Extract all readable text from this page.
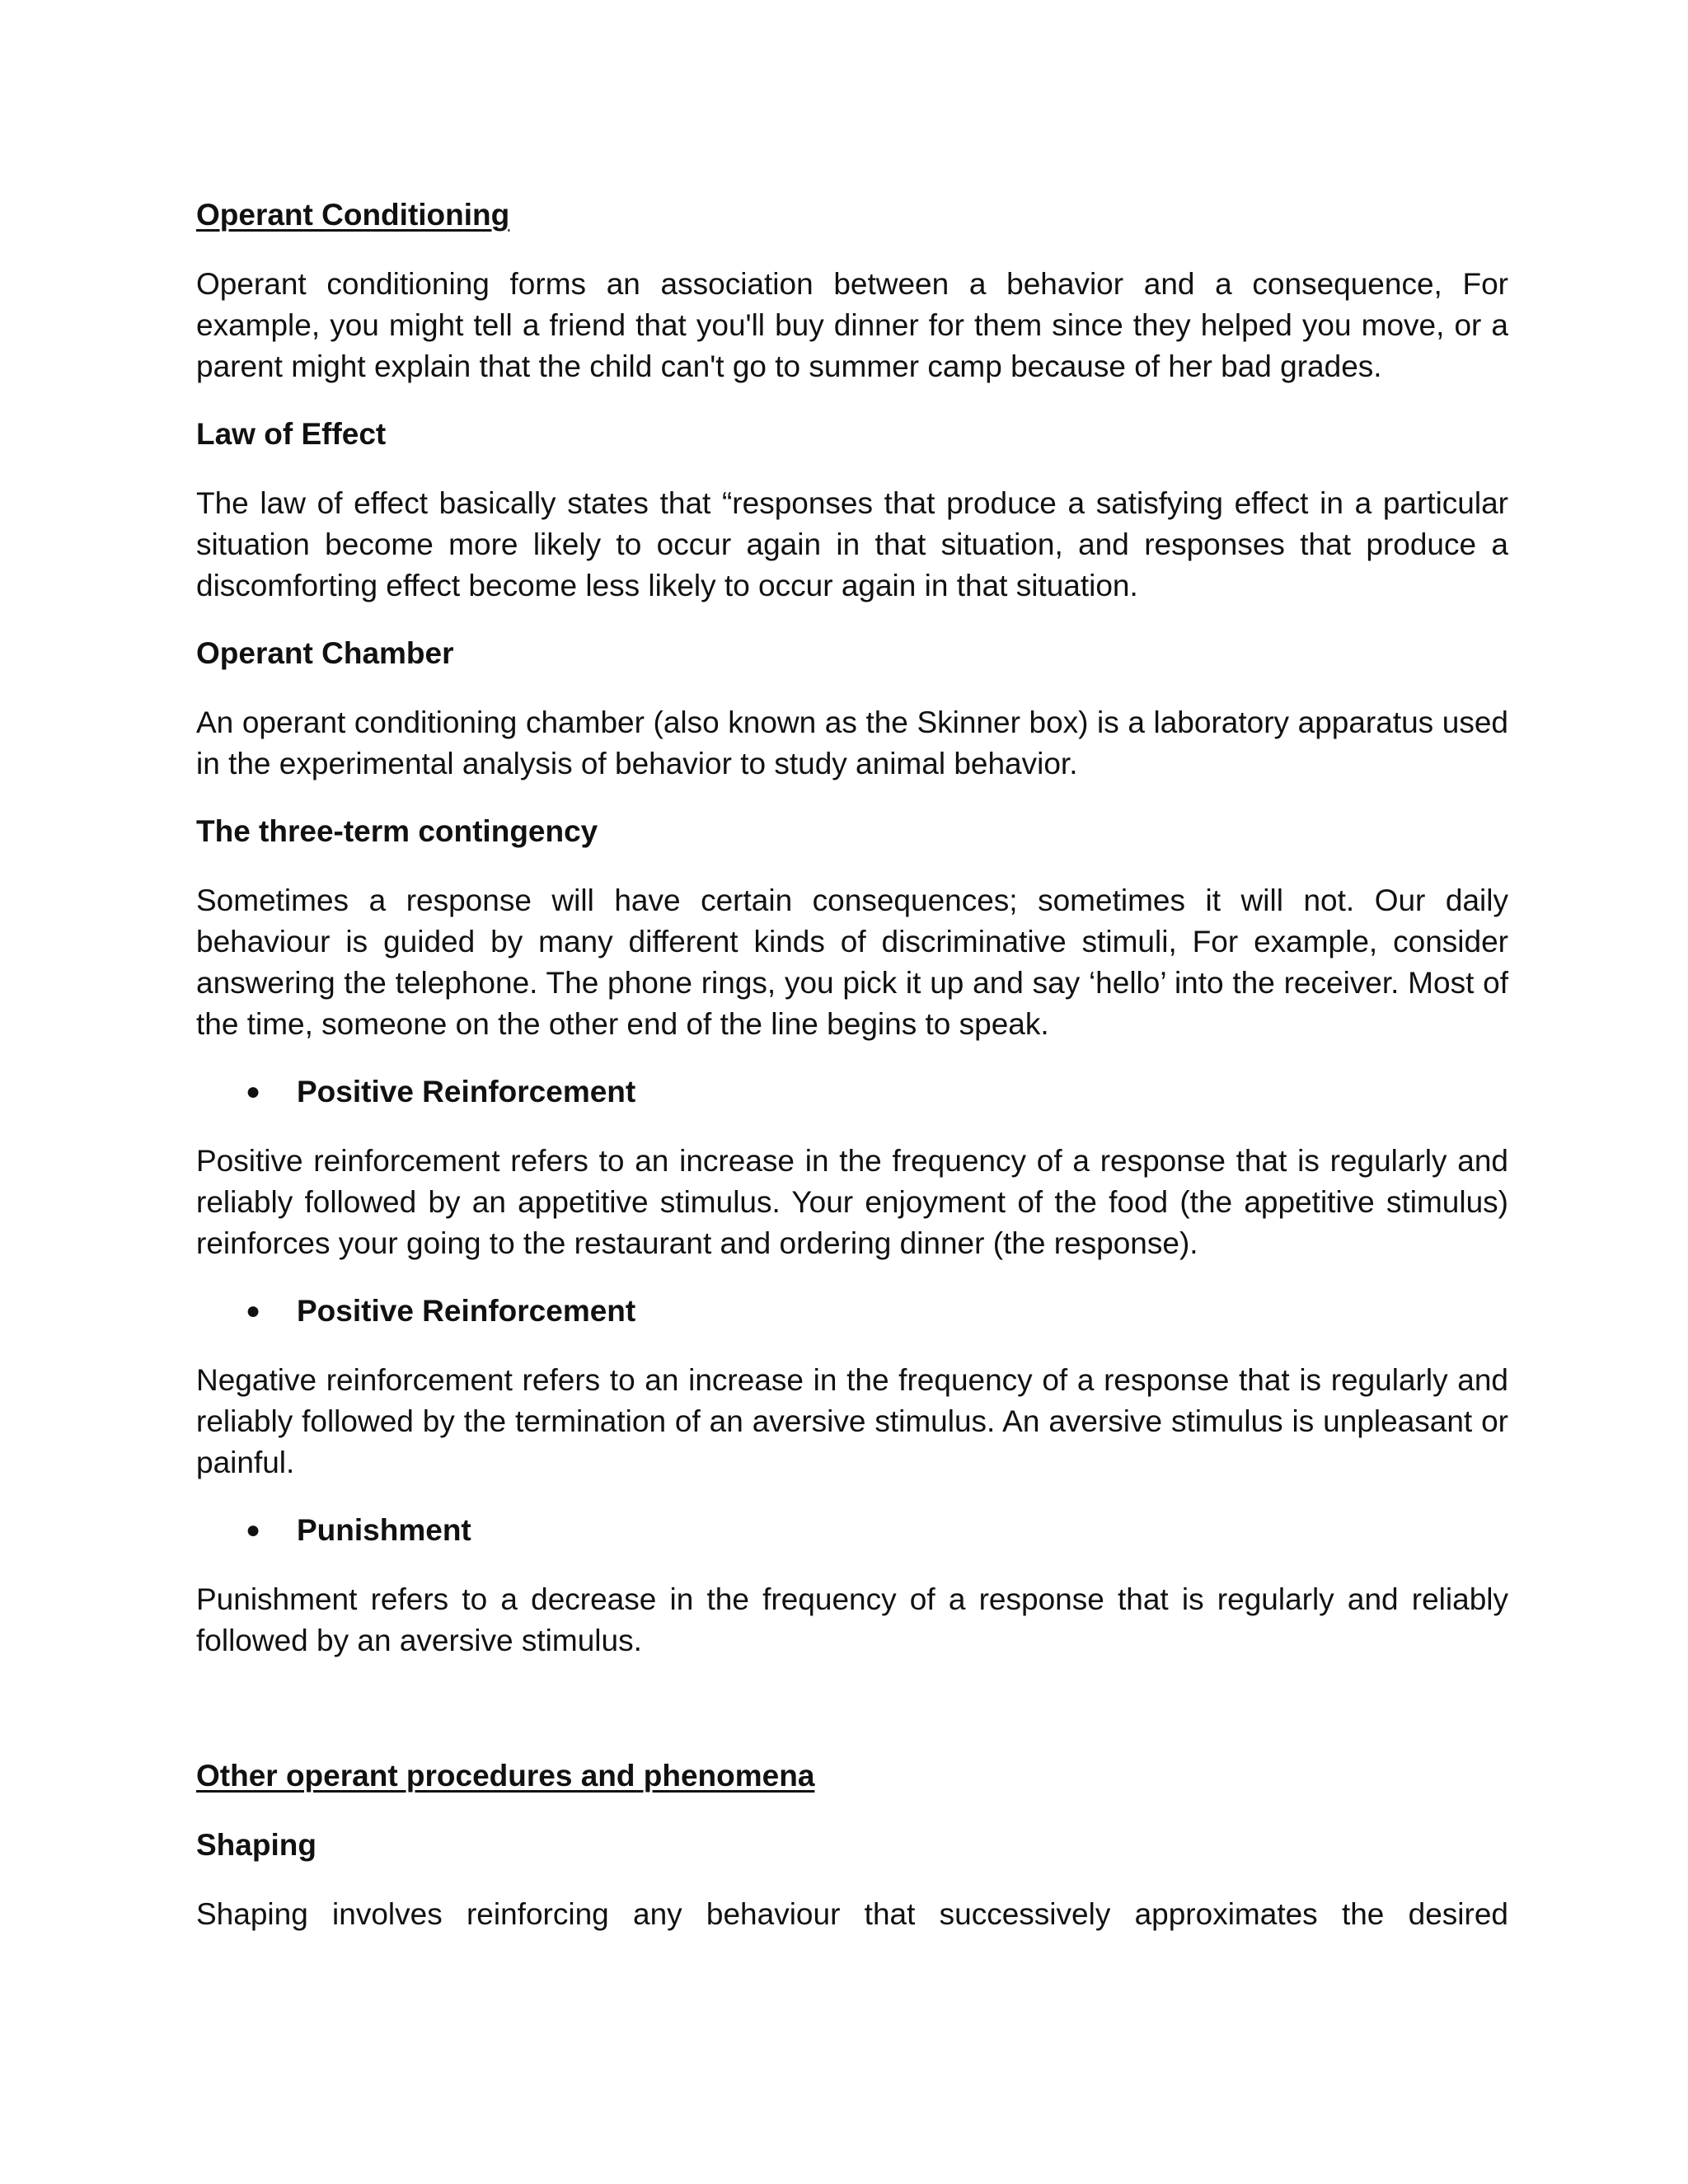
Operant Conditioning

Operant conditioning forms an association between a behavior and a consequence, For example, you might tell a friend that you'll buy dinner for them since they helped you move, or a parent might explain that the child can't go to summer camp because of her bad grades.

Law of Effect

The law of effect basically states that “responses that produce a satisfying effect in a particular situation become more likely to occur again in that situation, and responses that produce a discomforting effect become less likely to occur again in that situation.

Operant Chamber

An operant conditioning chamber (also known as the Skinner box) is a laboratory apparatus used in the experimental analysis of behavior to study animal behavior.

The three-term contingency

Sometimes a response will have certain consequences; sometimes it will not. Our daily behaviour is guided by many different kinds of discriminative stimuli, For example, consider answering the telephone. The phone rings, you pick it up and say ‘hello’ into the receiver. Most of the time, someone on the other end of the line begins to speak.

● Positive Reinforcement

Positive reinforcement refers to an increase in the frequency of a response that is regularly and reliably followed by an appetitive stimulus. Your enjoyment of the food (the appetitive stimulus) reinforces your going to the restaurant and ordering dinner (the response).

● Positive Reinforcement

Negative reinforcement refers to an increase in the frequency of a response that is regularly and reliably followed by the termination of an aversive stimulus. An aversive stimulus is unpleasant or painful.

● Punishment

Punishment refers to a decrease in the frequency of a response that is regularly and reliably followed by an aversive stimulus.

Other operant procedures and phenomena

Shaping

Shaping involves reinforcing any behaviour that successively approximates the desired
